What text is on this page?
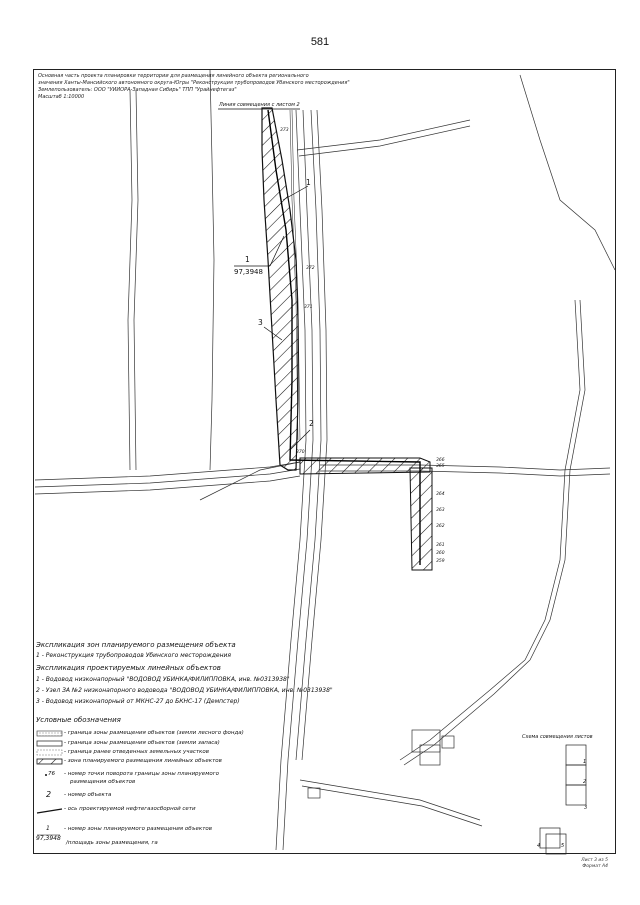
581
Основная часть проекта планировки территории для размещения линейного объекта регионального
значения Ханты-Мансийского автономного округа-Югры "Реконструкция трубопроводов Убинского месторождения"
Землепользователь: ООО "УИИОРА-Западная Сибирь" ТПП "Урайнефтегаз"
Масштаб 1:10000
Линия совмещения с листом 2
1
2
3
1
97,3948
373
372
371
370
366
365
364
363
362
361
360
359
Экспликация зон планируемого размещения объекта
1 - Реконструкция трубопроводов Убинского месторождения
Экспликация проектируемых линейных объектов
1 - Водовод низконапорный "ВОДОВОД УБИНКА/ФИЛИППОВКА, инв. №0313938"
2 - Узел ЗА №2 низконапорного водовода "ВОДОВОД УБИНКА/ФИЛИППОВКА, инв. №0313938"
3 - Водовод низконапорный от МКНС-27 до БКНС-17 (Демпстер)
Условные обозначения
- граница зоны размещения объектов (земли лесного фонда)
- граница зоны размещения объектов (земли запаса)
- граница ранее отведенных земельных участков
- зона планируемого размещения линейных объектов
76 - номер точки поворота границы зоны планируемого
размещения объектов
2 - номер объекта
- ось проектируемой нефтегазосборной сети
1
97,3948
- номер зоны планируемого размещения объектов
/площадь зоны размещения, га
Схема совмещения листов
1
2
3
4	5
Лист 3 из 5
Формат А4
